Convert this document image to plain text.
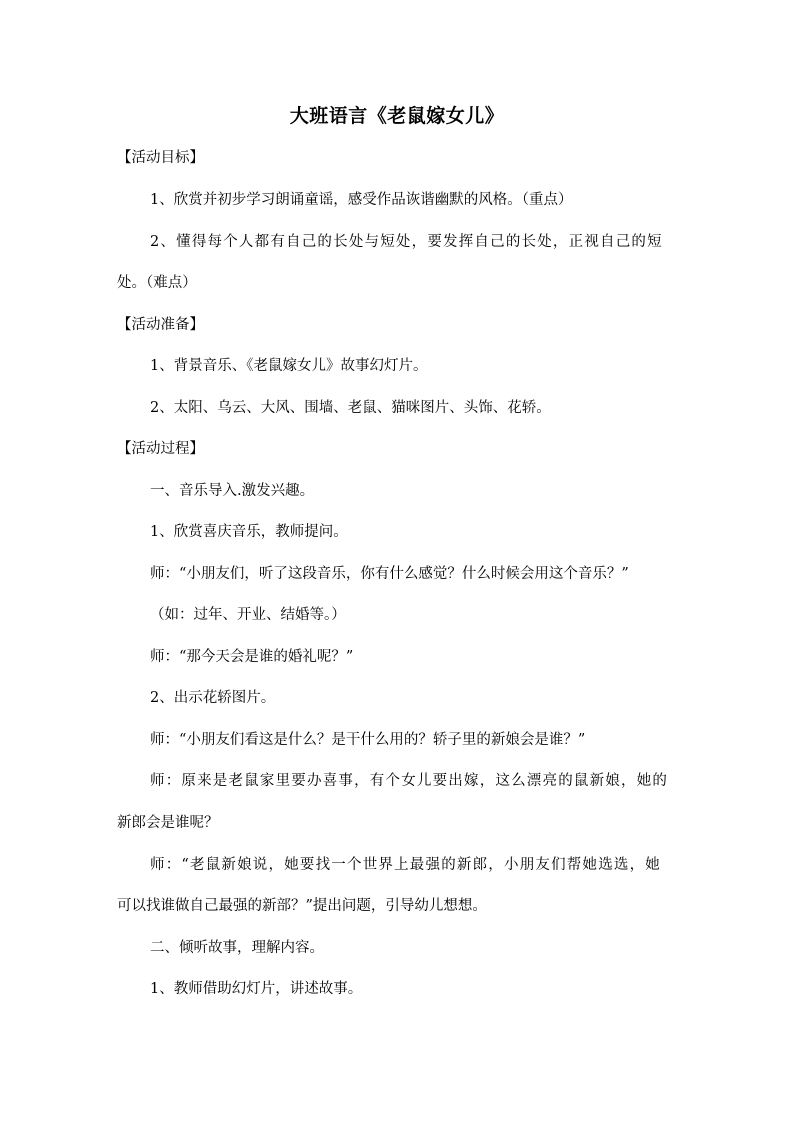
大班语言《老鼠嫁女儿》
【活动目标】
1、欣赏并初步学习朗诵童谣，感受作品诙谐幽默的风格。（重点）
2、懂得每个人都有自己的长处与短处，要发挥自己的长处，正视自己的短
处。（难点）
【活动准备】
1、背景音乐、《老鼠嫁女儿》故事幻灯片。
2、太阳、乌云、大风、围墙、老鼠、猫咪图片、头饰、花轿。
【活动过程】
一、音乐导入.激发兴趣。
1、欣赏喜庆音乐，教师提问。
师：“小朋友们，听了这段音乐，你有什么感觉？什么时候会用这个音乐？”
（如：过年、开业、结婚等。）
师：“那今天会是谁的婚礼呢？”
2、出示花轿图片。
师：“小朋友们看这是什么？是干什么用的？轿子里的新娘会是谁？”
师：原来是老鼠家里要办喜事，有个女儿要出嫁，这么漂亮的鼠新娘，她的
新郎会是谁呢？
师：“老鼠新娘说，她要找一个世界上最强的新郎，小朋友们帮她选选，她
可以找谁做自己最强的新部？”提出问题，引导幼儿想想。
二、倾听故事，理解内容。
1、教师借助幻灯片，讲述故事。
